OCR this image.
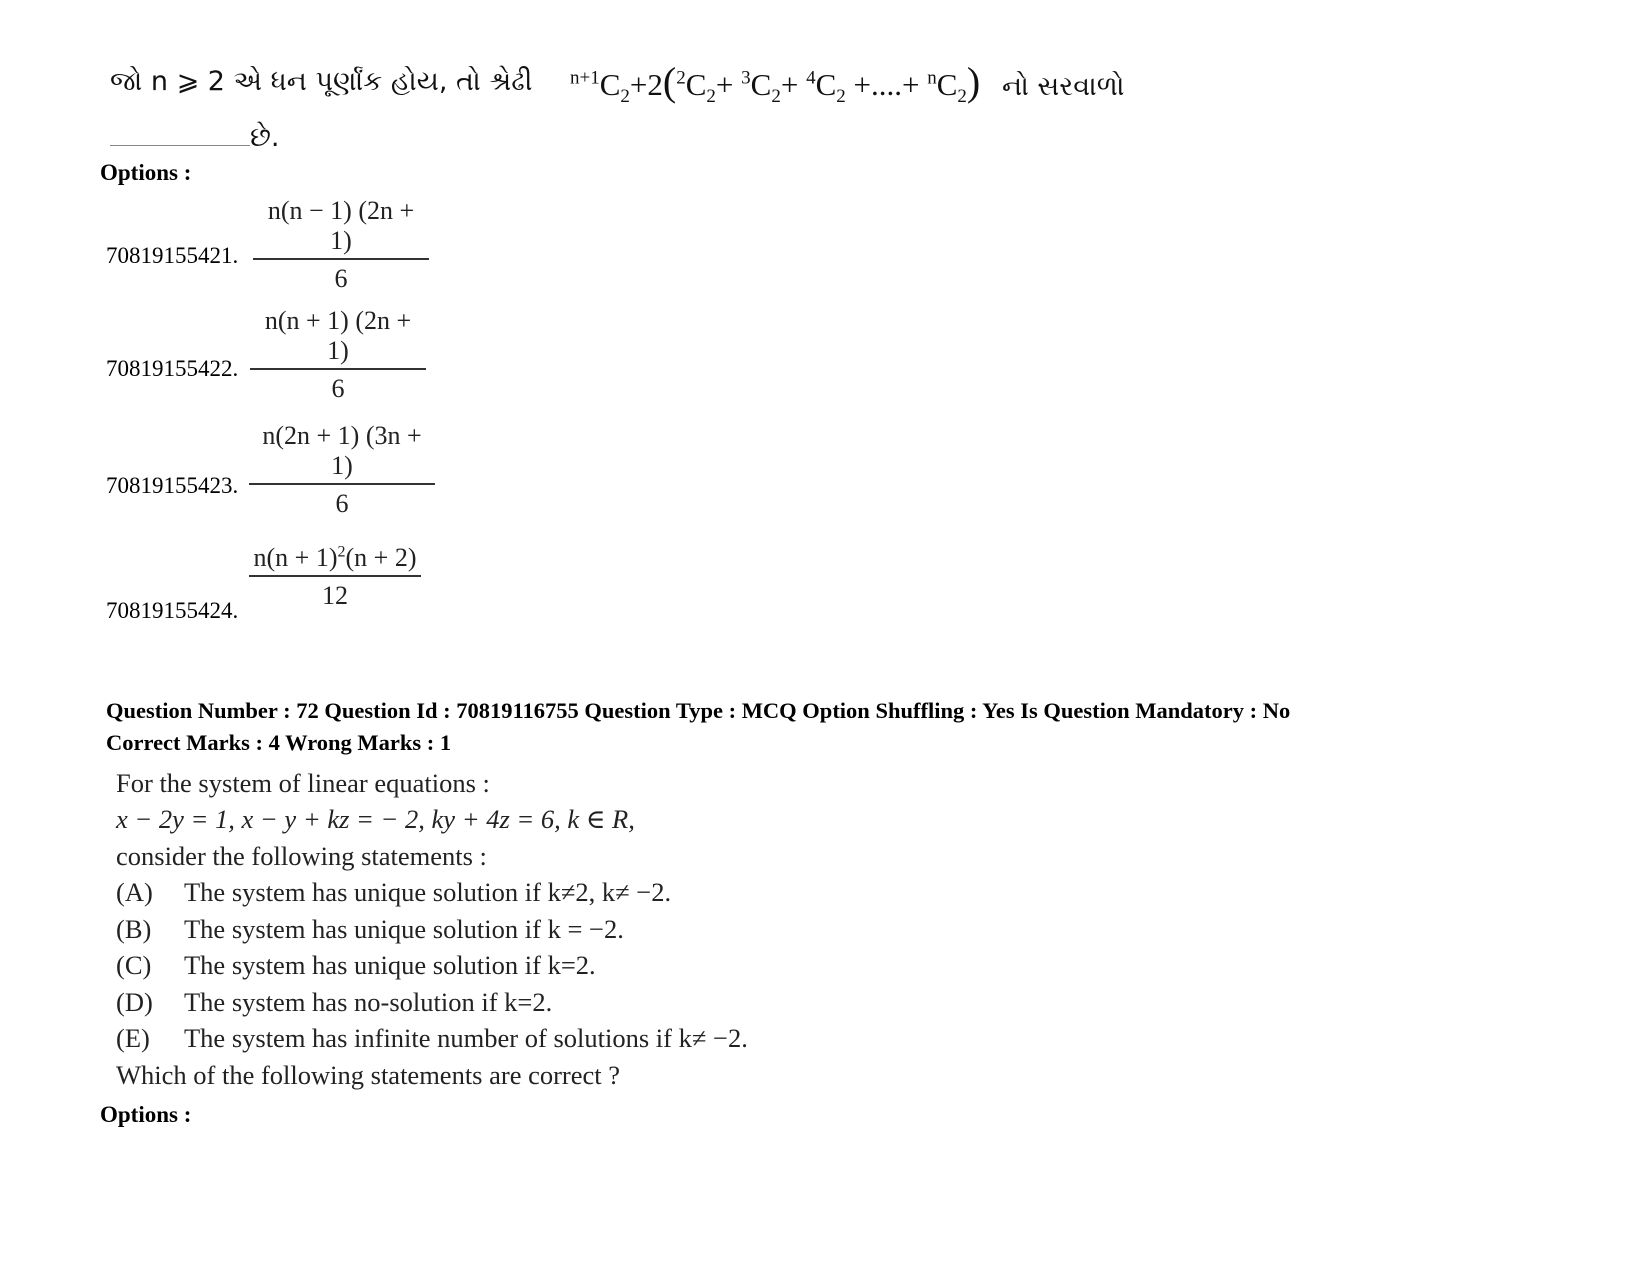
જો n ⩾ 2 એ ધન પૂર્ણાંક હોય, તો શ્રેઢી $^{n+1}C_2+2(^2C_2+ ^3C_2+ ^4C_2$ +....+ $^nC_2$) નો સરવાળો
છે.
Options :
$\frac{n(n - 1) (2n + 1)}{6}$
70819155421.
$\frac{n(n + 1) (2n + 1)}{6}$
70819155422.
$\frac{n(2n + 1) (3n + 1)}{6}$
70819155423.
$\frac{n(n + 1)^2(n + 2)}{12}$
70819155424.
Question Number : 72 Question Id : 70819116755 Question Type : MCQ Option Shuffling : Yes Is Question Mandatory : No
Correct Marks : 4 Wrong Marks : 1
For the system of linear equations :
x − 2y = 1, x − y + kz = − 2, ky + 4z = 6, k ∈ R,
consider the following statements :
(A) The system has unique solution if k≠2, k≠ −2.
(B) The system has unique solution if k = −2.
(C) The system has unique solution if k=2.
(D) The system has no-solution if k=2.
(E) The system has infinite number of solutions if k≠ −2.
Which of the following statements are correct ?
Options :
